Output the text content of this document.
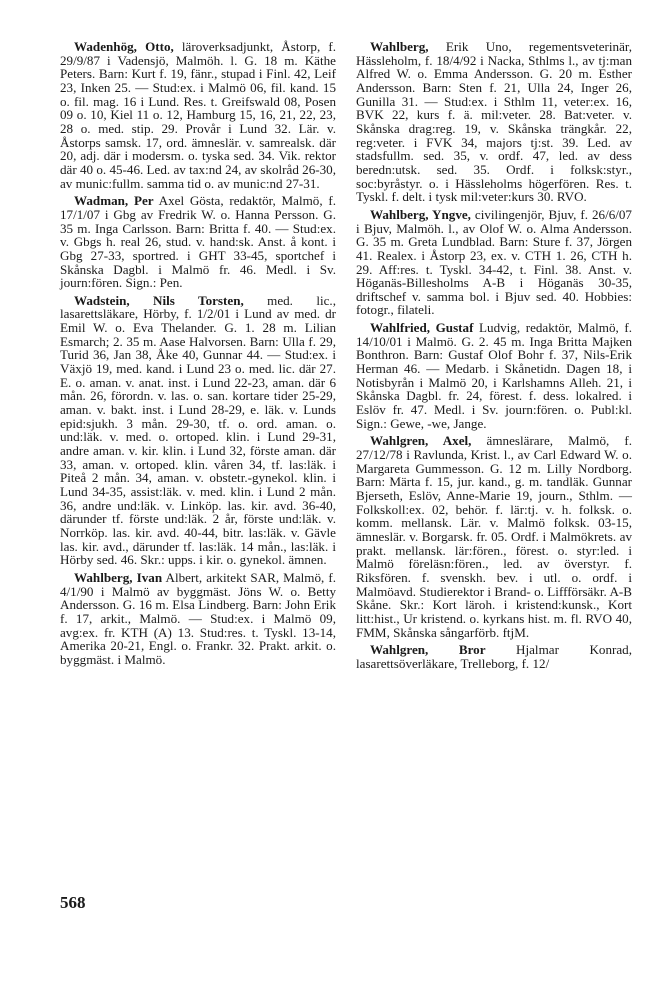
Wadenhög, Otto, läroverksadjunkt, Åstorp, f. 29/9/87 i Vadensjö, Malmöh. l. G. 18 m. Käthe Peters. Barn: Kurt f. 19, fänr., stupad i Finl. 42, Leif 23, Inken 25. — Stud:ex. i Malmö 06, fil. kand. 15 o. fil. mag. 16 i Lund. Res. t. Greifswald 08, Posen 09 o. 10, Kiel 11 o. 12, Hamburg 15, 16, 21, 22, 23, 28 o. med. stip. 29. Provår i Lund 32. Lär. v. Åstorps samsk. 17, ord. ämneslär. v. samrealsk. där 20, adj. där i modersm. o. tyska sed. 34. Vik. rektor där 40 o. 45-46. Led. av tax:nd 24, av skolråd 26-30, av munic:fullm. samma tid o. av munic:nd 27-31.

Wadman, Per Axel Gösta, redaktör, Malmö, f. 17/1/07 i Gbg av Fredrik W. o. Hanna Persson. G. 35 m. Inga Carlsson. Barn: Britta f. 40. — Stud:ex. v. Gbgs h. real 26, stud. v. hand:sk. Anst. å kont. i Gbg 27-33, sportred. i GHT 33-45, sportchef i Skånska Dagbl. i Malmö fr. 46. Medl. i Sv. journ:fören. Sign.: Pen.

Wadstein, Nils Torsten, med. lic., lasarettsläkare, Hörby, f. 1/2/01 i Lund av med. dr Emil W. o. Eva Thelander. G. 1. 28 m. Lilian Esmarch; 2. 35 m. Aase Halvorsen. Barn: Ulla f. 29, Turid 36, Jan 38, Åke 40, Gunnar 44. — Stud:ex. i Växjö 19, med. kand. i Lund 23 o. med. lic. där 27. E. o. aman. v. anat. inst. i Lund 22-23, aman. där 6 mån. 26, förordn. v. las. o. san. kortare tider 25-29, aman. v. bakt. inst. i Lund 28-29, e. läk. v. Lunds epid:sjukh. 3 mån. 29-30, tf. o. ord. aman. o. und:läk. v. med. o. ortoped. klin. i Lund 29-31, andre aman. v. kir. klin. i Lund 32, förste aman. där 33, aman. v. ortoped. klin. våren 34, tf. las:läk. i Piteå 2 mån. 34, aman. v. obstetr.-gynekol. klin. i Lund 34-35, assist:läk. v. med. klin. i Lund 2 mån. 36, andre und:läk. v. Linköp. las. kir. avd. 36-40, därunder tf. förste und:läk. 2 år, förste und:läk. v. Norrköp. las. kir. avd. 40-44, bitr. las:läk. v. Gävle las. kir. avd., därunder tf. las:läk. 14 mån., las:läk. i Hörby sed. 46. Skr.: upps. i kir. o. gynekol. ämnen.

Wahlberg, Ivan Albert, arkitekt SAR, Malmö, f. 4/1/90 i Malmö av byggmäst. Jöns W. o. Betty Andersson. G. 16 m. Elsa Lindberg. Barn: John Erik f. 17, arkit., Malmö. — Stud:ex. i Malmö 09, avg:ex. fr. KTH (A) 13. Stud:res. t. Tyskl. 13-14, Amerika 20-21, Engl. o. Frankr. 32. Prakt. arkit. o. byggmäst. i Malmö.

Wahlberg, Erik Uno, regementsveterinär, Hässleholm, f. 18/4/92 i Nacka, Sthlms l., av tj:man Alfred W. o. Emma Andersson. G. 20 m. Esther Andersson. Barn: Sten f. 21, Ulla 24, Inger 26, Gunilla 31. — Stud:ex. i Sthlm 11, veter:ex. 16, BVK 22, kurs f. ä. mil:veter. 28. Bat:veter. v. Skånska drag:reg. 19, v. Skånska trängkår. 22, reg:veter. i FVK 34, majors tj:st. 39. Led. av stadsfullm. sed. 35, v. ordf. 47, led. av dess beredn:utsk. sed. 35. Ordf. i folksk:styr., soc:byråstyr. o. i Hässleholms högerfören. Res. t. Tyskl. f. delt. i tysk mil:veter:kurs 30. RVO.

Wahlberg, Yngve, civilingenjör, Bjuv, f. 26/6/07 i Bjuv, Malmöh. l., av Olof W. o. Alma Andersson. G. 35 m. Greta Lundblad. Barn: Sture f. 37, Jörgen 41. Realex. i Åstorp 23, ex. v. CTH 1. 26, CTH h. 29. Aff:res. t. Tyskl. 34-42, t. Finl. 38. Anst. v. Höganäs-Billesholms A-B i Höganäs 30-35, driftschef v. samma bol. i Bjuv sed. 40. Hobbies: fotogr., filateli.

Wahlfried, Gustaf Ludvig, redaktör, Malmö, f. 14/10/01 i Malmö. G. 2. 45 m. Inga Britta Majken Bonthron. Barn: Gustaf Olof Bohr f. 37, Nils-Erik Herman 46. — Medarb. i Skånetidn. Dagen 18, i Notisbyrån i Malmö 20, i Karlshamns Alleh. 21, i Skånska Dagbl. fr. 24, förest. f. dess. lokalred. i Eslöv fr. 47. Medl. i Sv. journ:fören. o. Publ:kl. Sign.: Gewe, -we, Jange.

Wahlgren, Axel, ämneslärare, Malmö, f. 27/12/78 i Ravlunda, Krist. l., av Carl Edward W. o. Margareta Gummesson. G. 12 m. Lilly Nordborg. Barn: Märta f. 15, jur. kand., g. m. tandläk. Gunnar Bjerseth, Eslöv, Anne-Marie 19, journ., Sthlm. — Folkskoll:ex. 02, behör. f. lär:tj. v. h. folksk. o. komm. mellansk. Lär. v. Malmö folksk. 03-15, ämneslär. v. Borgarsk. fr. 05. Ordf. i Malmökrets. av prakt. mellansk. lär:fören., förest. o. styr:led. i Malmö föreläsn:fören., led. av överstyr. f. Riksfören. f. svenskh. bev. i utl. o. ordf. i Malmöavd. Studierektor i Brand- o. Liffförsäkr. A-B Skåne. Skr.: Kort läroh. i kristend:kunsk., Kort litt:hist., Ur kristend. o. kyrkans hist. m. fl. RVO 40, FMM, Skånska sångarförb. ftjM.

Wahlgren, Bror Hjalmar Konrad, lasarettsöverläkare, Trelleborg, f. 12/

568
